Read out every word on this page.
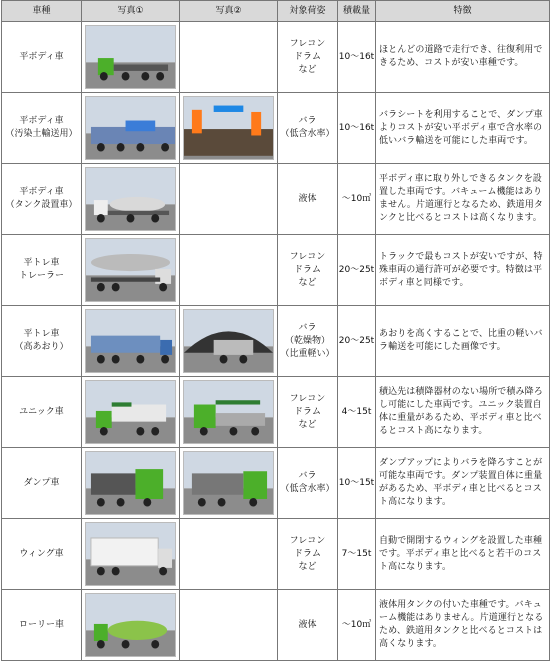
車種	写真①	写真②	対象荷姿	積載量	特徴

平ボディ車			フレコン
ドラム
など	10～16t	ほとんどの道路で走行でき、往復利用できるため、コストが安い車種です。

平ボディ車
（汚染土輸送用）			バラ
（低含水率）	10～16t	バラシートを利用することで、ダンプ車よりコストが安い平ボディ車で含水率の低いバラ輸送を可能にした車両です。

平ボディ車
（タンク設置車）			液体	～10㎥	平ボディ車に取り外しできるタンクを設置した車両です。バキューム機能はありません。片道運行となるため、鉄道用タンクと比べるとコストは高くなります。

平トレ車
トレーラー			フレコン
ドラム
など	20～25t	トラックで最もコストが安いですが、特殊車両の通行許可が必要です。特徴は平ボディ車と同様です。

平トレ車
（高あおり）			バラ
（乾燥物）
（比重軽い）	20～25t	あおりを高くすることで、比重の軽いバラ輸送を可能にした画像です。

ユニック車			フレコン
ドラム
など	4～15t	積込先は積降器材のない場所で積み降ろし可能にした車両です。ユニック装置自体に重量があるため、平ボディ車と比べるとコスト高になります。

ダンプ車			バラ
（低含水率）	10～15t	ダンプアップによりバラを降ろすことが可能な車両です。ダンプ装置自体に重量があるため、平ボディ車と比べるとコスト高になります。

ウィング車			フレコン
ドラム
など	7～15t	自動で開閉するウィングを設置した車種です。平ボディ車と比べると若干のコスト高になります。

ローリー車			液体	～10㎥	液体用タンクの付いた車種です。バキューム機能はありません。片道運行となるため、鉄道用タンクと比べるとコストは高くなります。
